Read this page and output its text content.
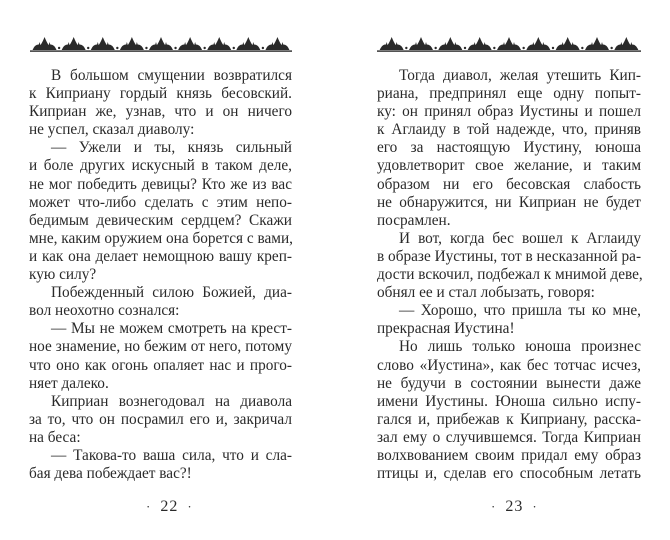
В большом смущении возвратился
к Киприану гордый князь бесовский.
Киприан же, узнав, что и он ничего
не успел, сказал диаволу:
— Ужели и ты, князь сильный
и боле других искусный в таком деле,
не мог победить девицы? Кто же из вас
может что-либо сделать с этим непо-
бедимым девическим сердцем? Скажи
мне, каким оружием она борется с вами,
и как она делает немощною вашу креп-
кую силу?
Побежденный силою Божией, диа-
вол неохотно сознался:
— Мы не можем смотреть на крест-
ное знамение, но бежим от него, потому
что оно как огонь опаляет нас и прого-
няет далеко.
Киприан вознегодовал на диавола
за то, что он посрамил его и, закричал
на беса:
— Такова-то ваша сила, что и сла-
бая дева побеждает вас?!
· 22 ·
Тогда диавол, желая утешить Кип-
риана, предпринял еще одну попыт-
ку: он принял образ Иустины и пошел
к Аглаиду в той надежде, что, приняв
его за настоящую Иустину, юноша
удовлетворит свое желание, и таким
образом ни его бесовская слабость
не обнаружится, ни Киприан не будет
посрамлен.
И вот, когда бес вошел к Аглаиду
в образе Иустины, тот в несказанной ра-
дости вскочил, подбежал к мнимой деве,
обнял ее и стал лобызать, говоря:
— Хорошо, что пришла ты ко мне,
прекрасная Иустина!
Но лишь только юноша произнес
слово «Иустина», как бес тотчас исчез,
не будучи в состоянии вынести даже
имени Иустины. Юноша сильно испу-
гался и, прибежав к Киприану, расска-
зал ему о случившемся. Тогда Киприан
волхвованием своим придал ему образ
птицы и, сделав его способным летать
· 23 ·
